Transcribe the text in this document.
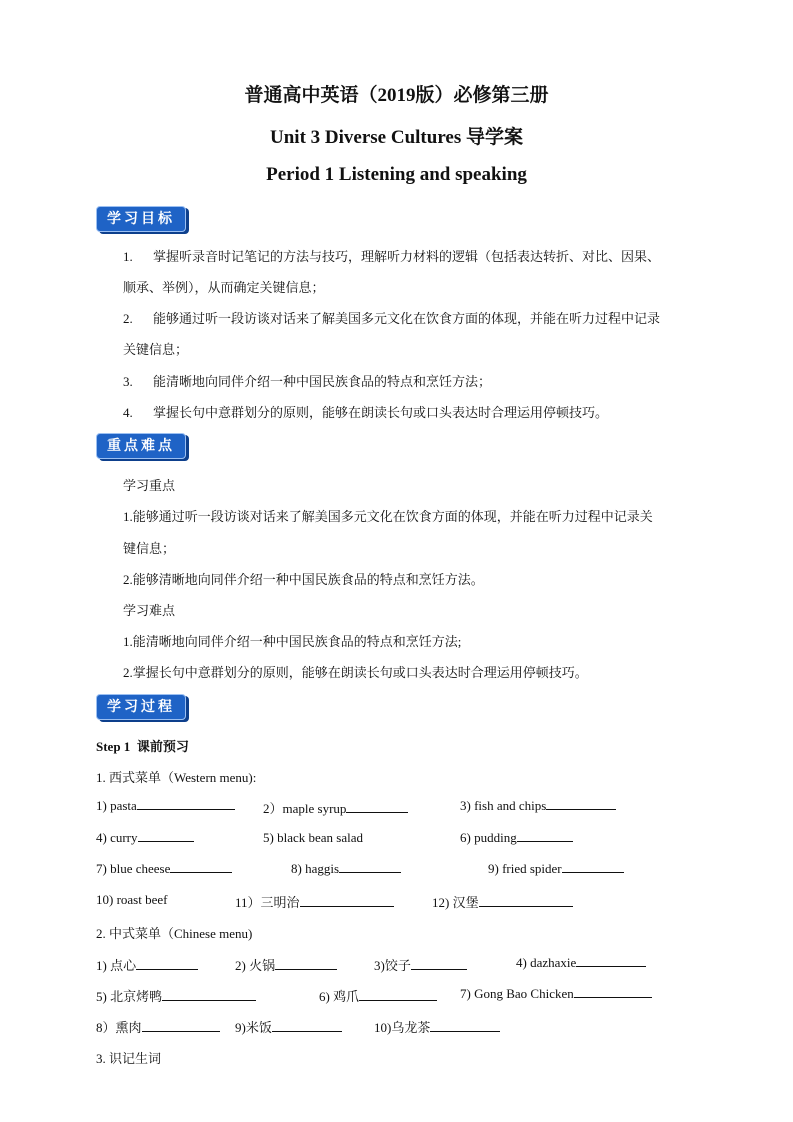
普通高中英语（2019版）必修第三册
Unit 3 Diverse Cultures 导学案
Period 1 Listening and speaking
学习目标
1. 掌握听录音时记笔记的方法与技巧，理解听力材料的逻辑（包括表达转折、对比、因果、
顺承、举例），从而确定关键信息；
2. 能够通过听一段访谈对话来了解美国多元文化在饮食方面的体现，并能在听力过程中记录
关键信息；
3. 能清晰地向同伴介绍一种中国民族食品的特点和烹饪方法；
4. 掌握长句中意群划分的原则，能够在朗读长句或口头表达时合理运用停顿技巧。
重点难点
学习重点
1.能够通过听一段访谈对话来了解美国多元文化在饮食方面的体现，并能在听力过程中记录关
键信息；
2.能够清晰地向同伴介绍一种中国民族食品的特点和烹饪方法。
学习难点
1.能清晰地向同伴介绍一种中国民族食品的特点和烹饪方法;
2.掌握长句中意群划分的原则，能够在朗读长句或口头表达时合理运用停顿技巧。
学习过程
Step 1 课前预习
1. 西式菜单（Western menu):
1) pasta	2）maple syrup	3) fish and chips
4) curry	5) black bean salad	6) pudding
7) blue cheese	8) haggis	9) fried spider
10) roast beef	11）三明治	12) 汉堡
2. 中式菜单（Chinese menu)
1) 点心	2) 火锅	3)饺子	4) dazhaxie
5) 北京烤鸭	6) 鸡爪	7) Gong Bao Chicken
8）熏肉	9)米饭	10)乌龙茶
3. 识记生词
